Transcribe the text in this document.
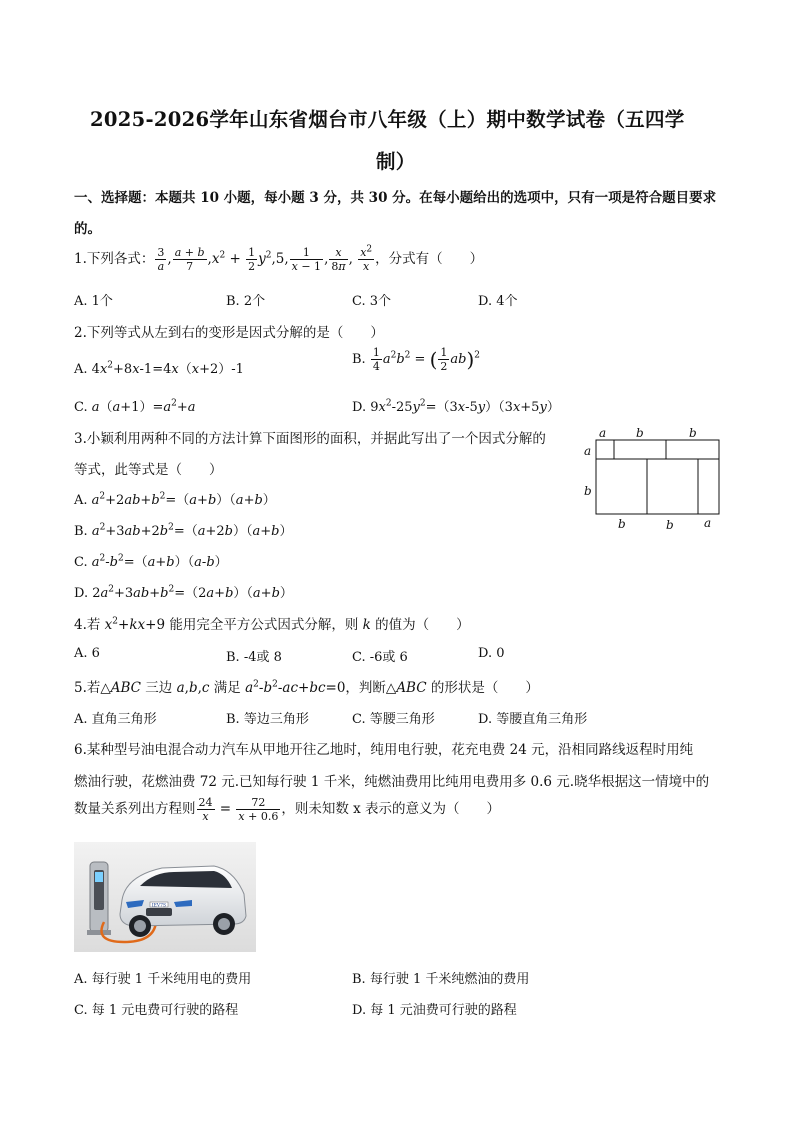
2025-2026学年山东省烟台市八年级（上）期中数学试卷（五四学
制）
一、选择题：本题共 10 小题，每小题 3 分，共 30 分。在每小题给出的选项中，只有一项是符合题目要求
的。
1.下列各式： $\frac{3}{a}$ , $\frac{a + b}{7} ,x^2 + \frac{1}{2} y^2,5$, $\frac{1}{x - 1}$ , $\frac{x}{8\pi}$ , $\frac{x^2}{x}$ ，分式有（　　）
A. 1个	B. 2个	C. 3个	D. 4个
2.下列等式从左到右的变形是因式分解的是（　　）
A. $4x^2+8x-1=4x(x+2)-1$
B. $\frac{1}{4} a^2b^2$ = ( $\frac{1}{2} ab)^2$
C. $a(a+1)=a^2+a$	D. $9x^2-25y^2=(3x-5y)(3x+5y)$
3.小颖利用两种不同的方法计算下面图形的面积，并据此写出了一个因式分解的
等式，此等式是（　　）
A. $a^2+2ab+b^2=(a+b)(a+b)$
B. $a^2+3ab+2b^2=(a+2b)(a+b)$
C. $a^2-b^2=(a+b)(a-b)$
D. $2a^2+3ab+b^2=(2a+b)(a+b)$
a b	b
a
b
b	b	a
4.若 $x^2+kx+9$ 能用完全平方公式因式分解，则 k 的值为（　　）
A. 6	B. -4或 8	C. -6或 6	D. 0
5.若△ABC 三边 a,b,c 满足 $a^2-b^2-ac+bc=0$，判断△ABC 的形状是（　　）
A. 直角三角形	B. 等边三角形	C. 等腰三角形	D. 等腰直角三角形
6.某种型号油电混合动力汽车从甲地开往乙地时，纯用电行驶，花充电费 24 元，沿相同路线返程时用纯
燃油行驶，花燃油费 72 元.已知每行驶 1 千米，纯燃油费用比纯用电费用多 0.6 元.晓华根据这一情境中的
数量关系列出方程则 $\frac{24}{x} = \frac{72}{x + 0.6}$ ，则未知数 x 表示的意义为（　　）
IEV7S
A. 每行驶 1 千米纯用电的费用	B. 每行驶 1 千米纯燃油的费用
C. 每 1 元电费可行驶的路程	D. 每 1 元油费可行驶的路程
